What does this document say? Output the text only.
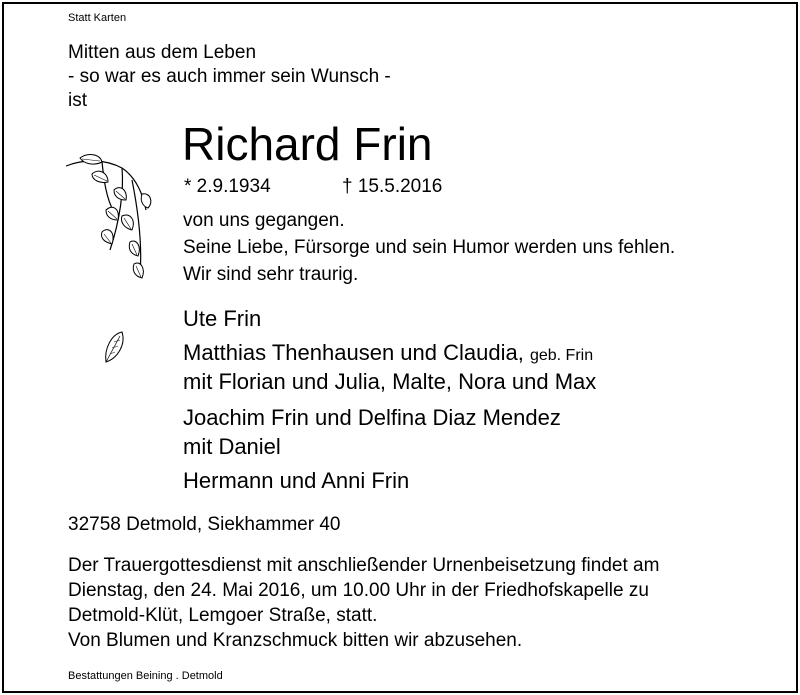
Statt Karten
Mitten aus dem Leben
- so war es auch immer sein Wunsch -
ist
Richard Frin
* 2.9.1934	† 15.5.2016
von uns gegangen.
Seine Liebe, Fürsorge und sein Humor werden uns fehlen.
Wir sind sehr traurig.
Ute Frin
Matthias Thenhausen und Claudia, geb. Frin
mit Florian und Julia, Malte, Nora und Max
Joachim Frin und Delfina Diaz Mendez
mit Daniel
Hermann und Anni Frin
32758 Detmold, Siekhammer 40
Der Trauergottesdienst mit anschließender Urnenbeisetzung findet am
Dienstag, den 24. Mai 2016, um 10.00 Uhr in der Friedhofskapelle zu
Detmold-Klüt, Lemgoer Straße, statt.
Von Blumen und Kranzschmuck bitten wir abzusehen.
Bestattungen Beining . Detmold
